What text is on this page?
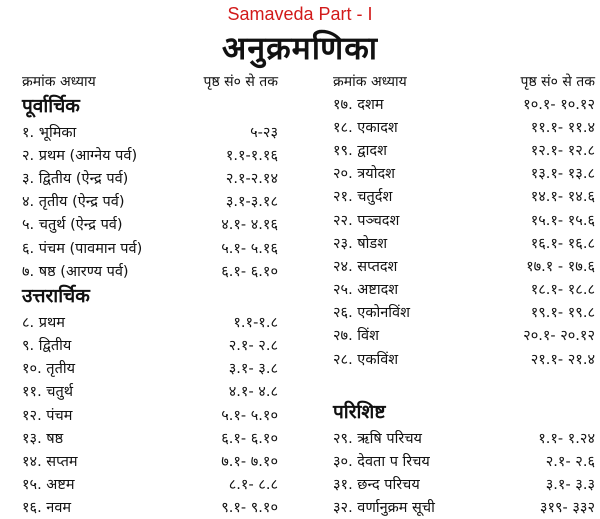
Samaveda Part - I
अनुक्रमणिका
क्रमांक अध्याय	पृष्ठ सं० से तक
पूर्वार्चिक
१. भूमिका	५-२३
२. प्रथम (आग्नेय पर्व)	१.१-१.१६
३. द्वितीय (ऐन्द्र पर्व)	२.१-२.१४
४. तृतीय (ऐन्द्र पर्व)	३.१-३.१८
५. चतुर्थ (ऐन्द्र पर्व)	४.१- ४.१६
६. पंचम (पावमान पर्व)	५.१- ५.१६
७. षष्ठ (आरण्य पर्व)	६.१- ६.१०
उत्तरार्चिक
८. प्रथम	१.१-१.८
९. द्वितीय	२.१- २.८
१०. तृतीय	३.१- ३.८
११. चतुर्थ	४.१- ४.८
१२. पंचम	५.१- ५.१०
१३. षष्ठ	६.१- ६.१०
१४. सप्तम	७.१- ७.१०
१५. अष्टम	८.१- ८.८
१६. नवम	९.१- ९.१०
क्रमांक अध्याय	पृष्ठ सं० से तक
१७. दशम	१०.१- १०.१२
१८. एकादश	११.१- ११.४
१९. द्वादश	१२.१- १२.८
२०. त्रयोदश	१३.१- १३.८
२१. चतुर्दश	१४.१- १४.६
२२. पञ्चदश	१५.१- १५.६
२३. षोडश	१६.१- १६.८
२४. सप्तदश	१७.१ - १७.६
२५. अष्टादश	१८.१- १८.८
२६. एकोनविंश	१९.१- १९.८
२७. विंश	२०.१- २०.१२
२८. एकविंश	२१.१- २१.४
परिशिष्ट
२९. ऋषि परिचय	१.१- १.२४
३०. देवता प रिचय	२.१- २.६
३१. छन्द परिचय	३.१- ३.३
३२. वर्णानुक्रम सूची	३१९- ३३२
